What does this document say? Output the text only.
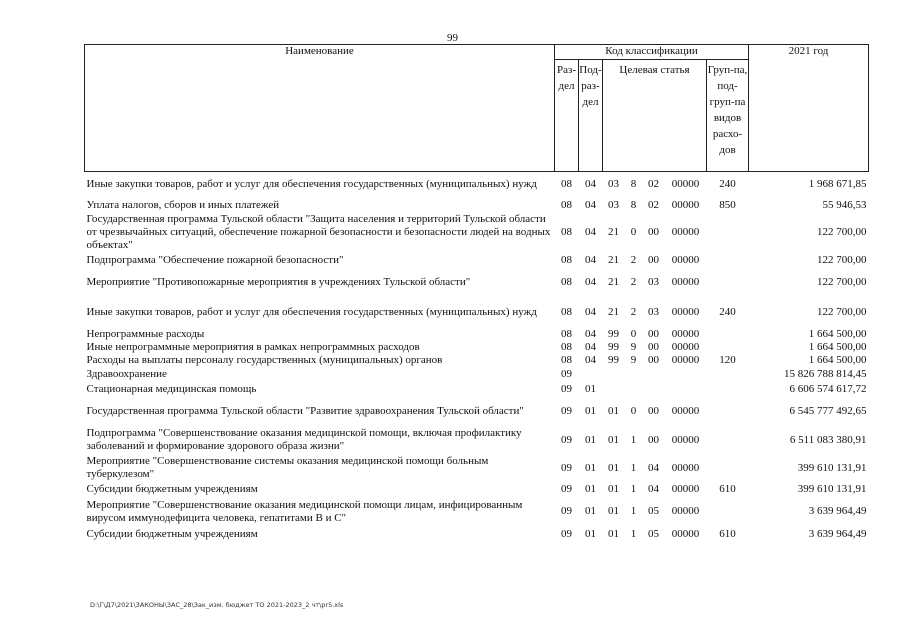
99
Наименование	Код классификации							2021 год
	Раз-дел	Под-раз-дел	Целевая статья				Груп-па, под-груп-па видов расхо-дов	
Иные закупки товаров, работ и услуг для обеспечения государственных (муниципальных) нужд	08	04	03	8	02	00000	240	1 968 671,85
Уплата налогов, сборов и иных платежей	08	04	03	8	02	00000	850	55 946,53
Государственная программа Тульской области "Защита населения и территорий Тульской области от чрезвычайных ситуаций, обеспечение пожарной безопасности и безопасности людей на водных объектах"	08	04	21	0	00	00000		122 700,00
Подпрограмма "Обеспечение пожарной безопасности"	08	04	21	2	00	00000		122 700,00
Мероприятие "Противопожарные мероприятия в учреждениях Тульской области"	08	04	21	2	03	00000		122 700,00
Иные закупки товаров, работ и услуг для обеспечения государственных (муниципальных) нужд	08	04	21	2	03	00000	240	122 700,00
Непрограммные расходы	08	04	99	0	00	00000		1 664 500,00
Иные непрограммные мероприятия в рамках непрограммных расходов	08	04	99	9	00	00000		1 664 500,00
Расходы на выплаты персоналу государственных (муниципальных) органов	08	04	99	9	00	00000	120	1 664 500,00
Здравоохранение	09							15 826 788 814,45
Стационарная медицинская помощь	09	01						6 606 574 617,72
Государственная программа Тульской области "Развитие здравоохранения Тульской области"	09	01	01	0	00	00000		6 545 777 492,65
Подпрограмма "Совершенствование оказания медицинской помощи, включая профилактику заболеваний и формирование здорового образа жизни"	09	01	01	1	00	00000		6 511 083 380,91
Мероприятие "Совершенствование системы оказания медицинской помощи больным туберкулезом"	09	01	01	1	04	00000		399 610 131,91
Субсидии бюджетным учреждениям	09	01	01	1	04	00000	610	399 610 131,91
Мероприятие "Совершенствование оказания медицинской помощи лицам, инфицированным вирусом иммунодефицита человека, гепатитами В и С"	09	01	01	1	05	00000		3 639 964,49
Субсидии бюджетным учреждениям	09	01	01	1	05	00000	610	3 639 964,49
D:\Г\Д7\2021\ЗАКОНЫ\ЗАС_28\Зак_изм. бюджет ТО 2021-2023_2 чт\pr5.xls
